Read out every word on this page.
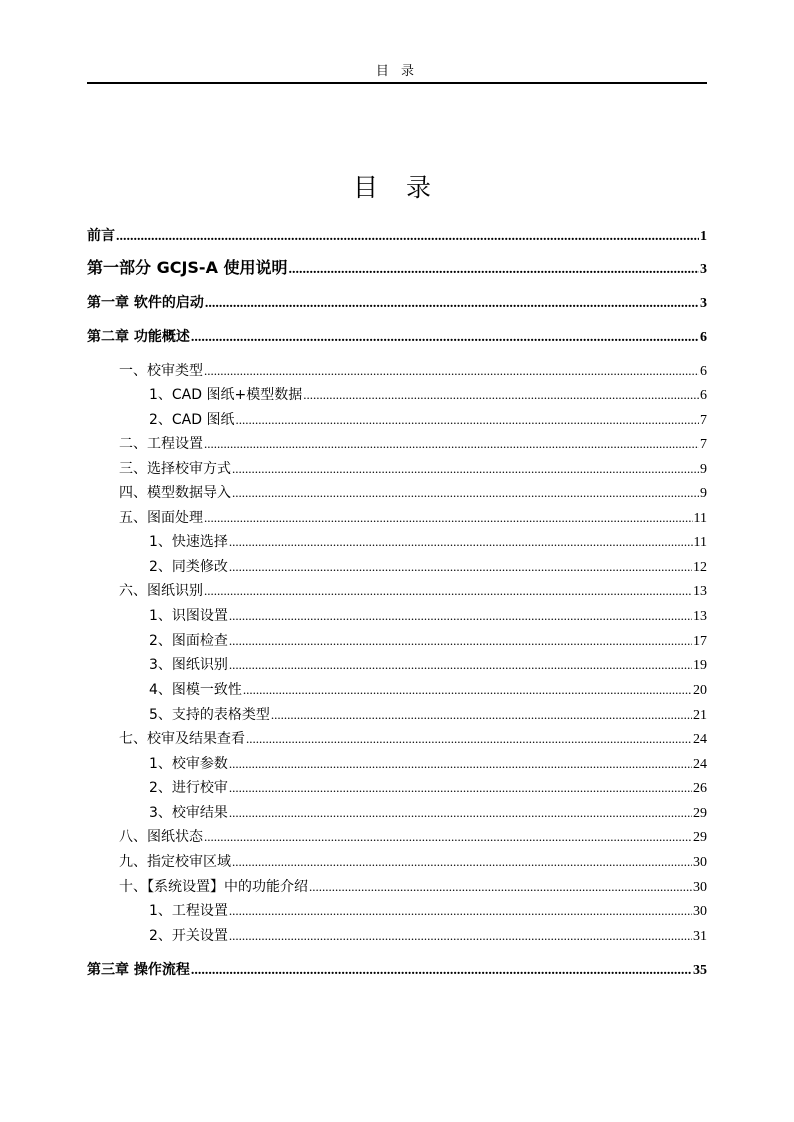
目 录
目 录
前言 .....	1
第一部分 GCJS-A 使用说明 .....	3
第一章 软件的启动 .....	3
第二章 功能概述 .....	6
一、校审类型 .....	6
1、CAD 图纸+模型数据 .....	6
2、CAD 图纸 .....	7
二、工程设置 .....	7
三、选择校审方式 .....	9
四、模型数据导入 .....	9
五、图面处理 .....	11
1、快速选择 .....	11
2、同类修改 .....	12
六、图纸识别 .....	13
1、识图设置 .....	13
2、图面检查 .....	17
3、图纸识别 .....	19
4、图模一致性 .....	20
5、支持的表格类型 .....	21
七、校审及结果查看 .....	24
1、校审参数 .....	24
2、进行校审 .....	26
3、校审结果 .....	29
八、图纸状态 .....	29
九、指定校审区域 .....	30
十、【系统设置】中的功能介绍 .....	30
1、工程设置 .....	30
2、开关设置 .....	31
第三章 操作流程 .....	35
